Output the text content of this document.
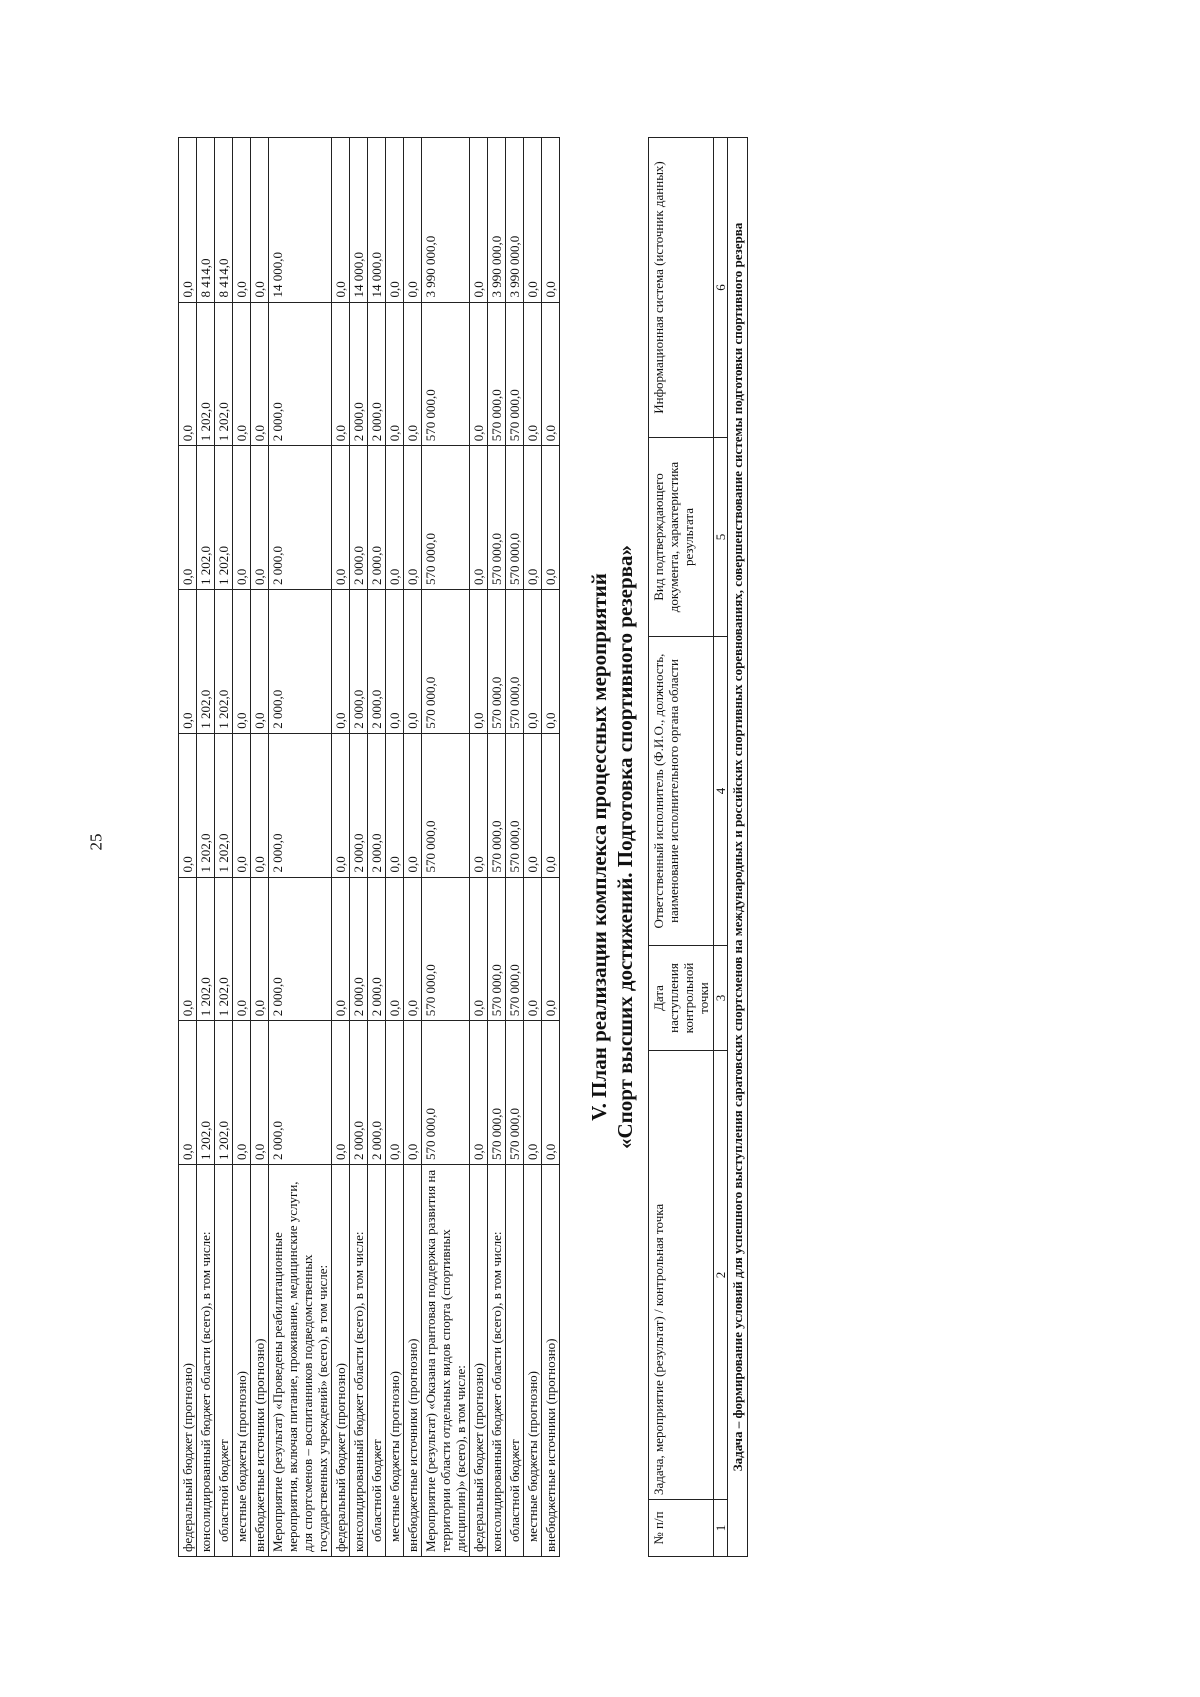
25
федеральный бюджет (прогнозно)	0,0	0,0	0,0	0,0	0,0	0,0	0,0
консолидированный бюджет области (всего), в том числе:	1 202,0	1 202,0	1 202,0	1 202,0	1 202,0	1 202,0	8 414,0
областной бюджет	1 202,0	1 202,0	1 202,0	1 202,0	1 202,0	1 202,0	8 414,0
местные бюджеты (прогнозно)	0,0	0,0	0,0	0,0	0,0	0,0	0,0
внебюджетные источники (прогнозно)	0,0	0,0	0,0	0,0	0,0	0,0	0,0
Мероприятие (результат) «Проведены реабилитационные мероприятия, включая питание, проживание, медицинские услуги, для спортсменов – воспитанников подведомственных государственных учреждений» (всего), в том числе:	2 000,0	2 000,0	2 000,0	2 000,0	2 000,0	2 000,0	14 000,0
федеральный бюджет (прогнозно)	0,0	0,0	0,0	0,0	0,0	0,0	0,0
консолидированный бюджет области (всего), в том числе:	2 000,0	2 000,0	2 000,0	2 000,0	2 000,0	2 000,0	14 000,0
областной бюджет	2 000,0	2 000,0	2 000,0	2 000,0	2 000,0	2 000,0	14 000,0
местные бюджеты (прогнозно)	0,0	0,0	0,0	0,0	0,0	0,0	0,0
внебюджетные источники (прогнозно)	0,0	0,0	0,0	0,0	0,0	0,0	0,0
Мероприятие (результат) «Оказана грантовая поддержка развития на территории области отдельных видов спорта (спортивных дисциплин)» (всего), в том числе:	570 000,0	570 000,0	570 000,0	570 000,0	570 000,0	570 000,0	3 990 000,0
федеральный бюджет (прогнозно)	0,0	0,0	0,0	0,0	0,0	0,0	0,0
консолидированный бюджет области (всего), в том числе:	570 000,0	570 000,0	570 000,0	570 000,0	570 000,0	570 000,0	3 990 000,0
областной бюджет	570 000,0	570 000,0	570 000,0	570 000,0	570 000,0	570 000,0	3 990 000,0
местные бюджеты (прогнозно)	0,0	0,0	0,0	0,0	0,0	0,0	0,0
внебюджетные источники (прогнозно)	0,0	0,0	0,0	0,0	0,0	0,0	0,0
V. План реализации комплекса процессных мероприятий «Спорт высших достижений. Подготовка спортивного резерва»
№ п/п	Задача, мероприятие (результат) / контрольная точка	Дата наступления контрольной точки	Ответственный исполнитель (Ф.И.О., должность, наименование исполнительного органа области	Вид подтверждающего документа, характеристика результата	Информационная система (источник данных)
1	2	3	4	5	6
Задача – формирование условий для успешного выступления саратовских спортсменов на международных и российских спортивных соревнованиях, совершенствование системы подготовки спортивного резерва					
